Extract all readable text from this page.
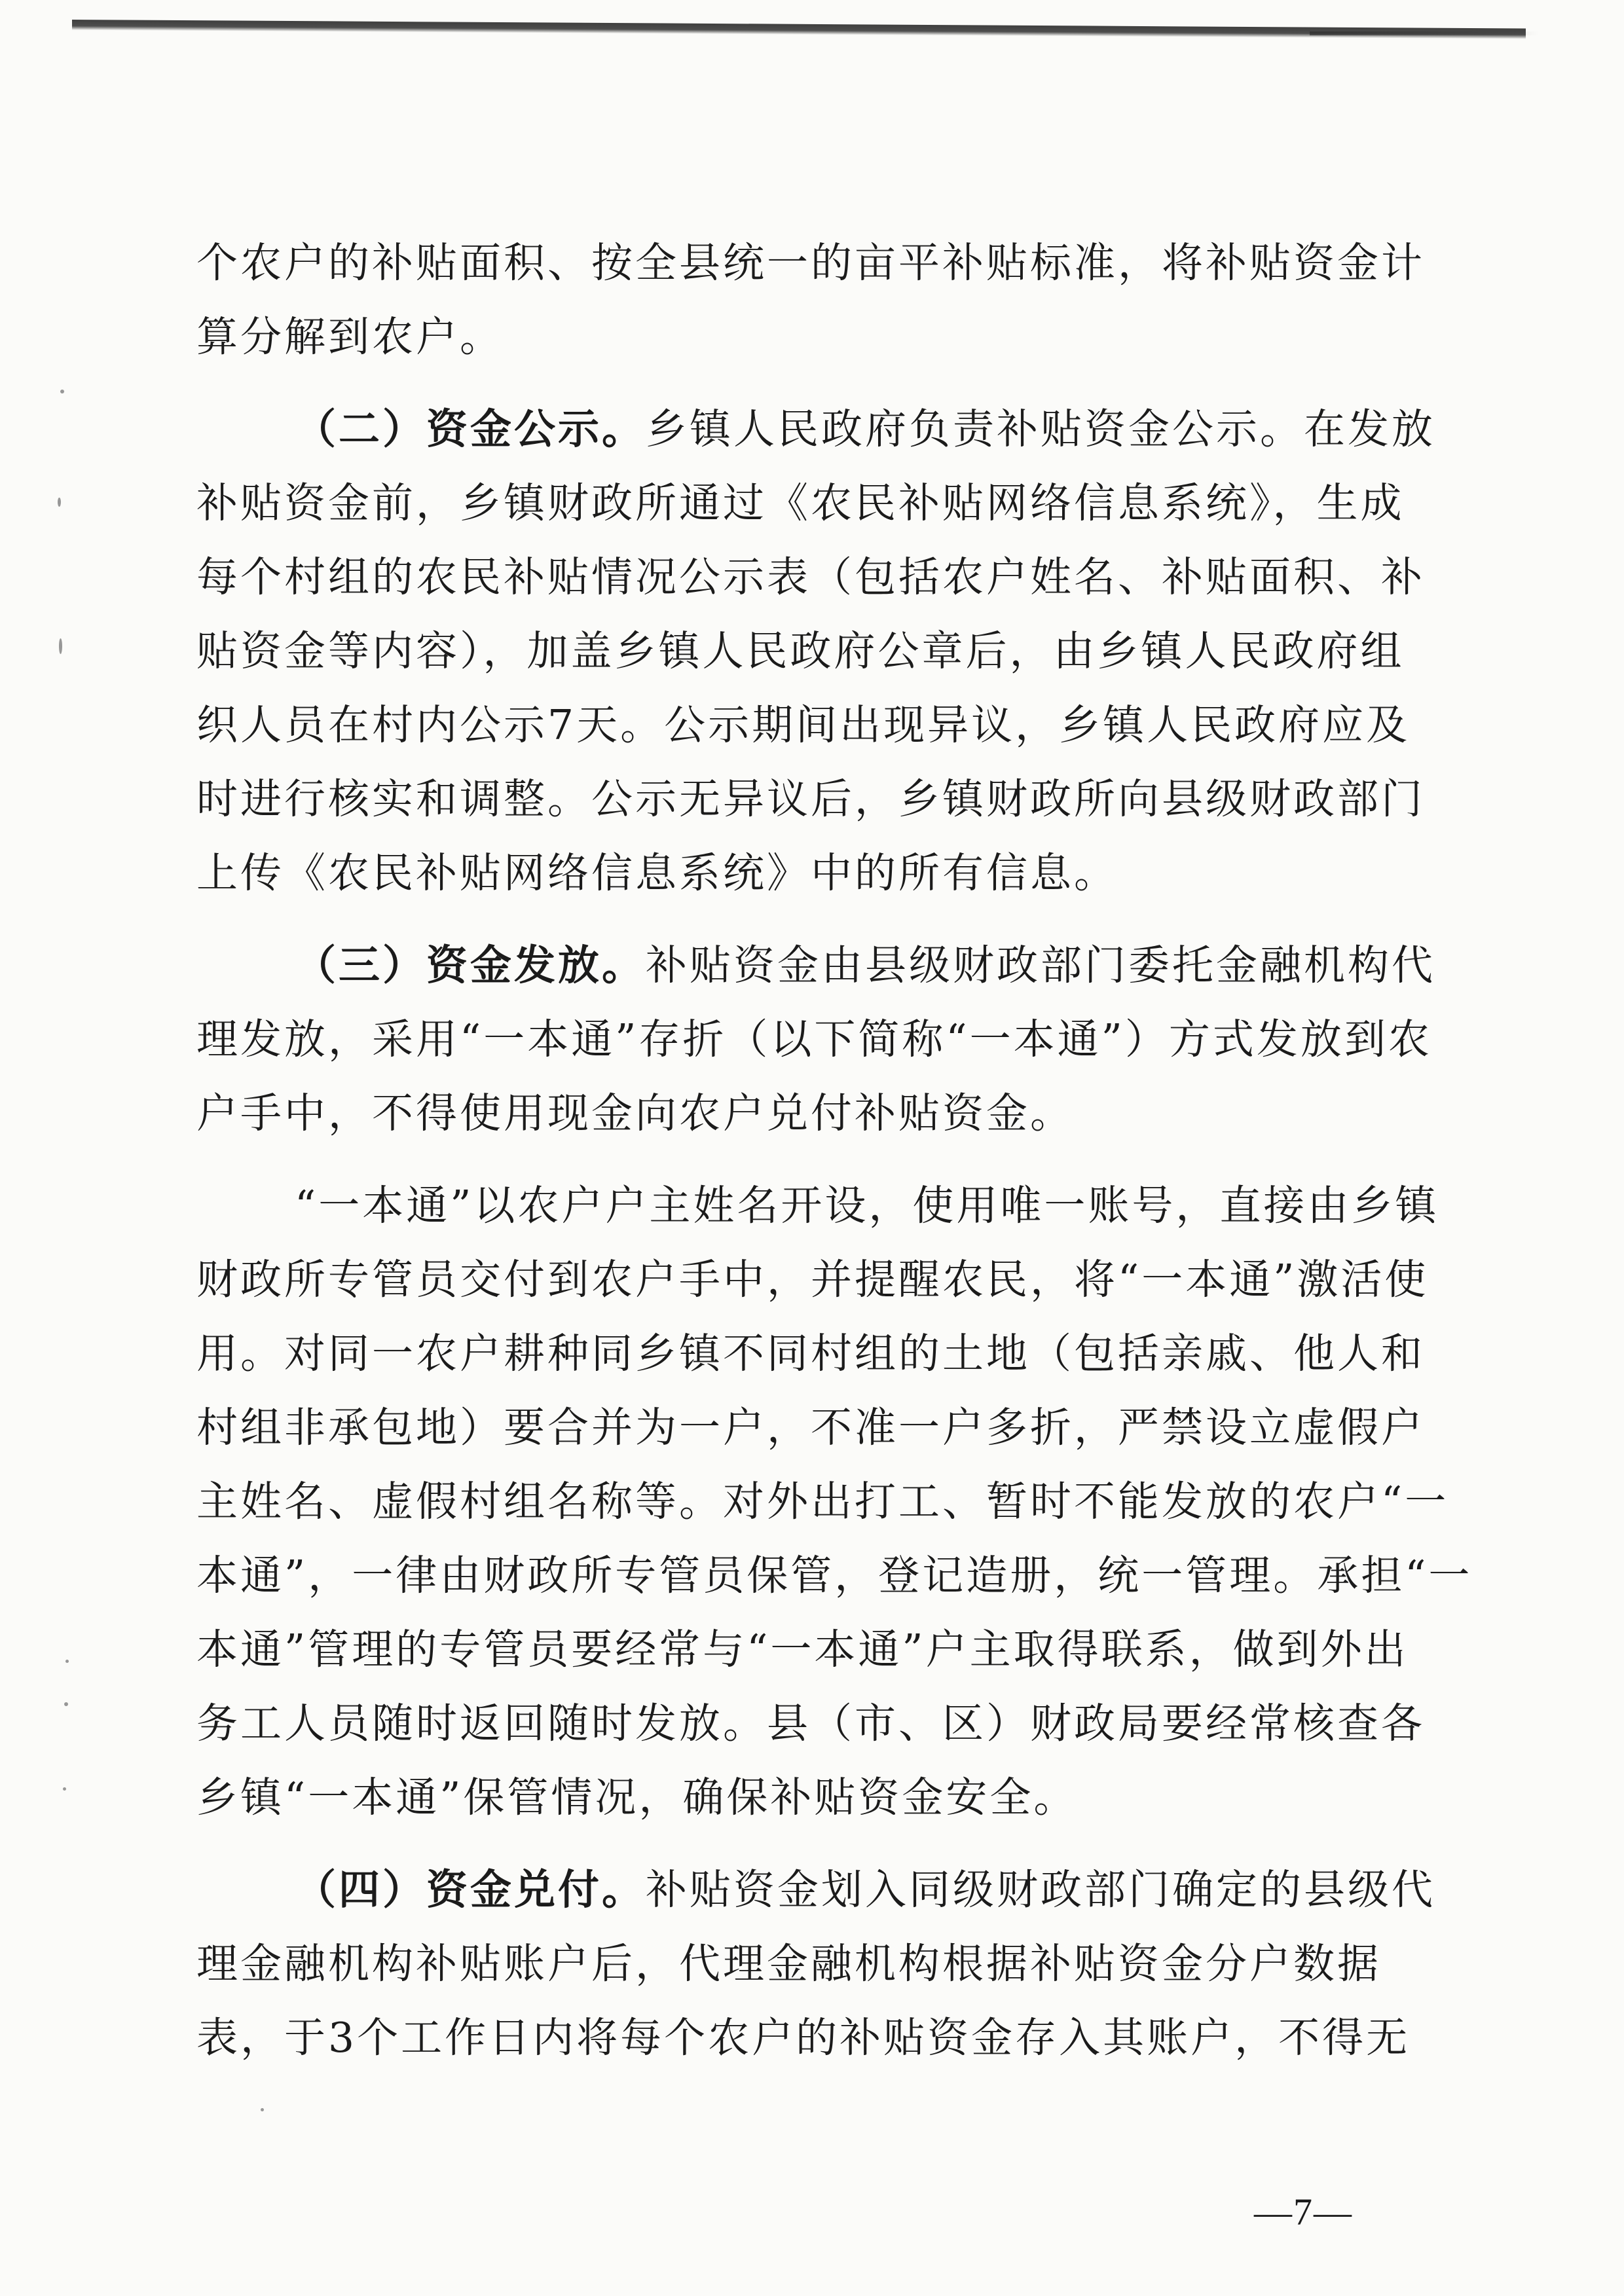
个农户的补贴面积、按全县统一的亩平补贴标准，将补贴资金计
算分解到农户。
（二）资金公示。乡镇人民政府负责补贴资金公示。在发放
补贴资金前，乡镇财政所通过《农民补贴网络信息系统》，生成
每个村组的农民补贴情况公示表（包括农户姓名、补贴面积、补
贴资金等内容），加盖乡镇人民政府公章后，由乡镇人民政府组
织人员在村内公示7天。公示期间出现异议，乡镇人民政府应及
时进行核实和调整。公示无异议后，乡镇财政所向县级财政部门
上传《农民补贴网络信息系统》中的所有信息。
（三）资金发放。补贴资金由县级财政部门委托金融机构代
理发放，采用“一本通”存折（以下简称“一本通”）方式发放到农
户手中，不得使用现金向农户兑付补贴资金。
“一本通”以农户户主姓名开设，使用唯一账号，直接由乡镇
财政所专管员交付到农户手中，并提醒农民，将“一本通”激活使
用。对同一农户耕种同乡镇不同村组的土地（包括亲戚、他人和
村组非承包地）要合并为一户，不准一户多折，严禁设立虚假户
主姓名、虚假村组名称等。对外出打工、暂时不能发放的农户“一
本通”，一律由财政所专管员保管，登记造册，统一管理。承担“一
本通”管理的专管员要经常与“一本通”户主取得联系，做到外出
务工人员随时返回随时发放。县（市、区）财政局要经常核查各
乡镇“一本通”保管情况，确保补贴资金安全。
（四）资金兑付。补贴资金划入同级财政部门确定的县级代
理金融机构补贴账户后，代理金融机构根据补贴资金分户数据
表，于3个工作日内将每个农户的补贴资金存入其账户，不得无
—7—
